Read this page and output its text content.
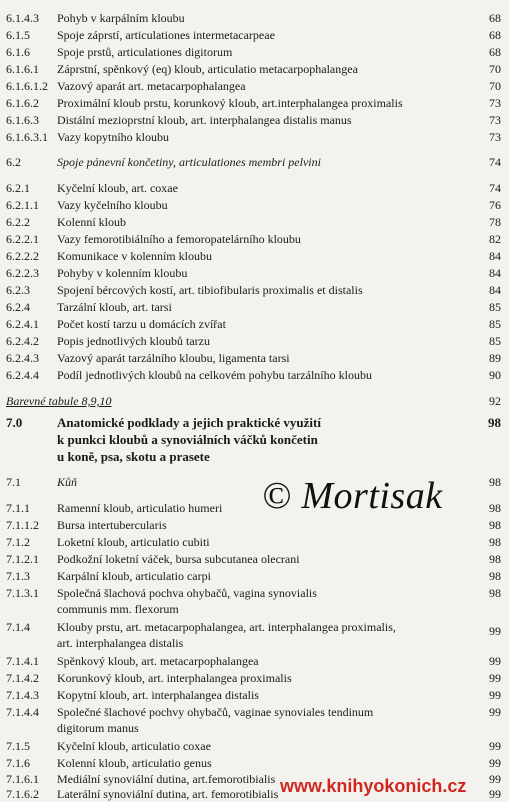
6.1.4.3 Pohyb v karpálním kloubu	68
6.1.5 Spoje záprstí, articulationes intermetacarpeae	68
6.1.6 Spoje prstů, articulationes digitorum	68
6.1.6.1 Záprstní, spěnkový (eq) kloub, articulatio metacarpophalangea	70
6.1.6.1.2 Vazový aparát art. metacarpophalangea	70
6.1.6.2 Proximální kloub prstu, korunkový kloub, art.interphalangea proximalis	73
6.1.6.3 Distální mezioprstní kloub, art. interphalangea distalis manus	73
6.1.6.3.1 Vazy kopytního kloubu	73
6.2	Spoje pánevní končetiny, articulationes membri pelvini	74
6.2.1 Kyčelní kloub, art. coxae	74
6.2.1.1 Vazy kyčelního kloubu	76
6.2.2 Kolenní kloub	78
6.2.2.1 Vazy femorotibiálního a femoropatelárního kloubu	82
6.2.2.2 Komunikace v kolenním kloubu	84
6.2.2.3 Pohyby v kolenním kloubu	84
6.2.3 Spojení bércových kostí, art. tibiofibularis proximalis et distalis	84
6.2.4 Tarzální kloub, art. tarsi	85
6.2.4.1 Počet kostí tarzu u domácích zvířat	85
6.2.4.2 Popis jednotlivých kloubů tarzu	85
6.2.4.3 Vazový aparát tarzálního kloubu, ligamenta tarsi	89
6.2.4.4 Podíl jednotlivých kloubů na celkovém pohybu tarzálního kloubu	90
Barevné tabule 8,9,10	92
7.0	Anatomické podklady a jejich praktické využití	98
k punkci kloubů a synoviálních váčků končetin
u koně, psa, skotu a prasete
7.1	Kůň	98
7.1.1 Ramenní kloub, articulatio humeri	98
7.1.1.2 Bursa intertubercularis	98
7.1.2 Loketní kloub, articulatio cubiti	98
7.1.2.1 Podkožní loketní váček, bursa subcutanea olecrani	98
7.1.3 Karpální kloub, articulatio carpi	98
7.1.3.1 Společná šlachová pochva ohybačů, vagina synovialis	98
communis mm. flexorum
7.1.4 Klouby prstu, art. metacarpophalangea, art. interphalangea proximalis,	99
art. interphalangea distalis
7.1.4.1 Spěnkový kloub, art. metacarpophalangea	99
7.1.4.2 Korunkový kloub, art. interphalangea proximalis	99
7.1.4.3 Kopytní kloub, art. interphalangea distalis	99
7.1.4.4 Společné šlachové pochvy ohybačů, vaginae synoviales tendinum	99
digitorum manus
7.1.5 Kyčelní kloub, articulatio coxae	99
7.1.6 Kolenní kloub, articulatio genus	99
7.1.6.1 Mediální synoviální dutina, art.femorotibialis	99
7.1.6.2 Laterální synoviální dutina, art. femorotibialis	99
© Mortisak
www.knihyokonich.cz
